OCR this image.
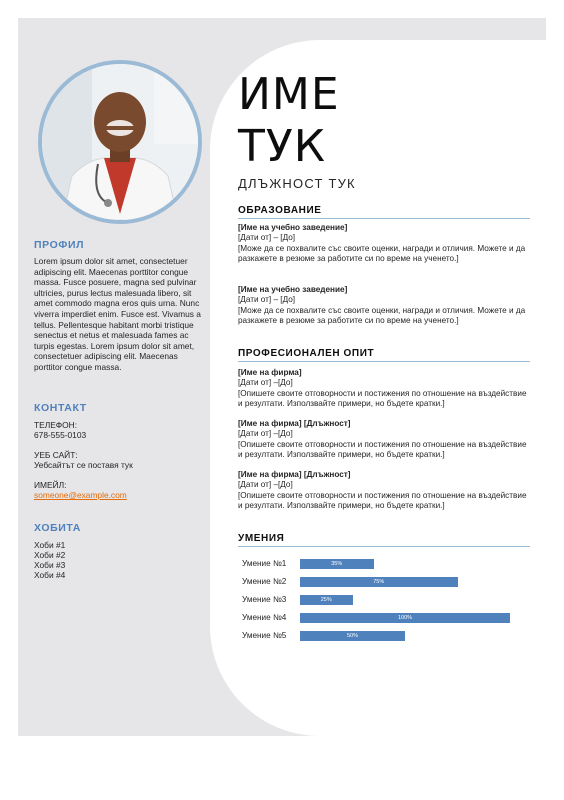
ПРОФИЛ
Lorem ipsum dolor sit amet, consectetuer adipiscing elit. Maecenas porttitor congue massa. Fusce posuere, magna sed pulvinar ultricies, purus lectus malesuada libero, sit amet commodo magna eros quis urna. Nunc viverra imperdiet enim. Fusce est. Vivamus a tellus. Pellentesque habitant morbi tristique senectus et netus et malesuada fames ac turpis egestas. Lorem ipsum dolor sit amet, consectetuer adipiscing elit. Maecenas porttitor congue massa.
КОНТАКТ
ТЕЛЕФОН:
678-555-0103
УЕБ САЙТ:
Уебсайтът се поставя тук
ИМЕЙЛ:
someone@example.com
ХОБИТА
Хоби #1
Хоби #2
Хоби #3
Хоби #4
ИМЕ
ТУК
ДЛЪЖНОСТ ТУК
ОБРАЗОВАНИЕ
[Име на учебно заведение]
[Дати от] – [До]
[Може да се похвалите със своите оценки, награди и отличия. Можете и да разкажете в резюме за работите си по време на ученето.]
[Име на учебно заведение]
[Дати от] – [До]
[Може да се похвалите със своите оценки, награди и отличия. Можете и да разкажете в резюме за работите си по време на ученето.]
ПРОФЕСИОНАЛЕН ОПИТ
[Име на фирма]
[Дати от] –[До]
[Опишете своите отговорности и постижения по отношение на въздействие и резултати. Използвайте примери, но бъдете кратки.]
[Име на фирма] [Длъжност]
[Дати от] –[До]
[Опишете своите отговорности и постижения по отношение на въздействие и резултати. Използвайте примери, но бъдете кратки.]
[Име на фирма] [Длъжност]
[Дати от] –[До]
[Опишете своите отговорности и постижения по отношение на въздействие и резултати. Използвайте примери, но бъдете кратки.]
УМЕНИЯ
Умение №1	35%
Умение №2	75%
Умение №3	25%
Умение №4	100%
Умение №5	50%
